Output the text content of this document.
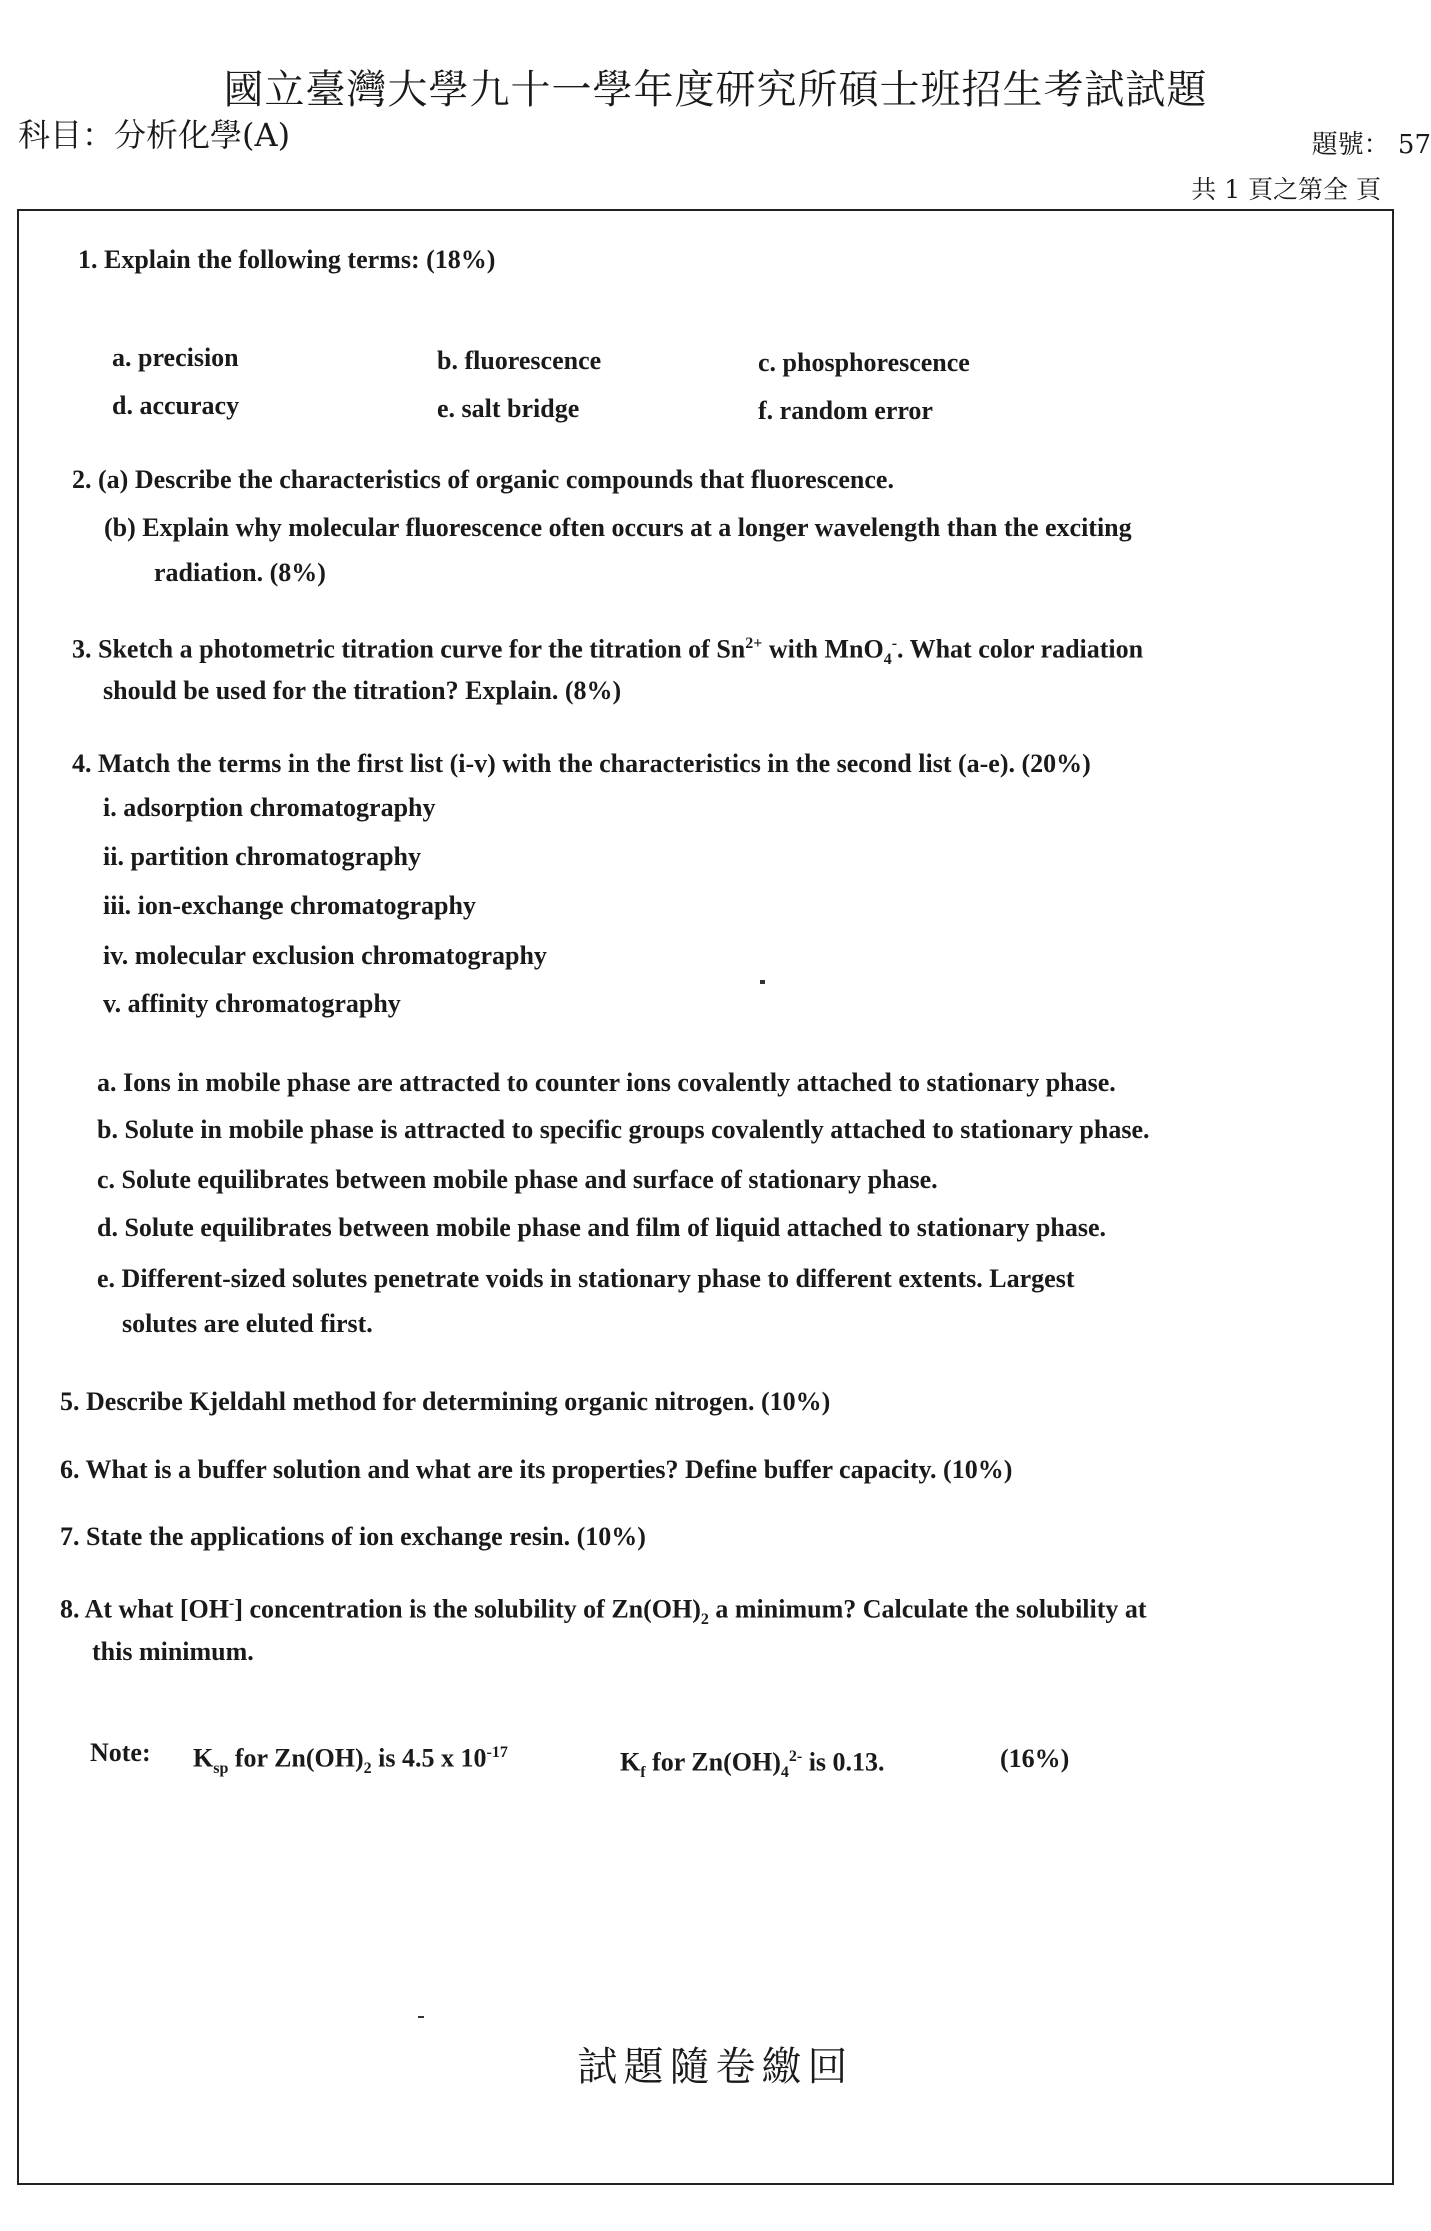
國立臺灣大學九十一學年度研究所碩士班招生考試試題
科目：分析化學(A)	題號： 57
共 1 頁之第全 頁
1. Explain the following terms: (18%)
a. precision	b. fluorescence	c. phosphorescence
d. accuracy	e. salt bridge	f. random error
2. (a) Describe the characteristics of organic compounds that fluorescence.
(b) Explain why molecular fluorescence often occurs at a longer wavelength than the exciting
radiation. (8%)
3. Sketch a photometric titration curve for the titration of $Sn^{2+}$ with MnO$_4$-. What color radiation
should be used for the titration? Explain. (8%)
4. Match the terms in the first list (i-v) with the characteristics in the second list (a-e). (20%)
i. adsorption chromatography
ii. partition chromatography
iii. ion-exchange chromatography
iv. molecular exclusion chromatography
v. affinity chromatography
a. Ions in mobile phase are attracted to counter ions covalently attached to stationary phase.
b. Solute in mobile phase is attracted to specific groups covalently attached to stationary phase.
c. Solute equilibrates between mobile phase and surface of stationary phase.
d. Solute equilibrates between mobile phase and film of liquid attached to stationary phase.
e. Different-sized solutes penetrate voids in stationary phase to different extents. Largest
solutes are eluted first.
5. Describe Kjeldahl method for determining organic nitrogen. (10%)
6. What is a buffer solution and what are its properties? Define buffer capacity. (10%)
7. State the applications of ion exchange resin. (10%)
8. At what [OH-] concentration is the solubility of $Zn(OH)_2$ a minimum? Calculate the solubility at
this minimum.
Note: $K_{sp}$ for $Zn(OH)_2$ is 4.5 x $10^{-17}$	$K_f$ for $Zn(OH)_4^{2-}$ is 0.13.	(16%)
試題隨卷繳回
